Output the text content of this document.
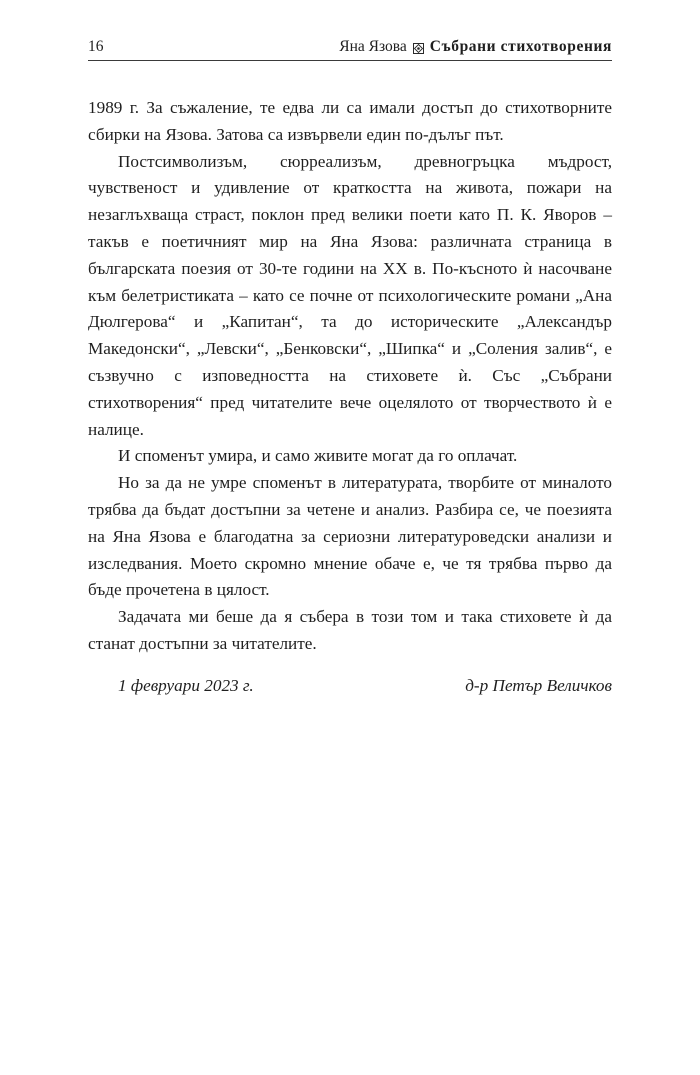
16	Яна Язова Събрани стихотворения

1989 г. За съжаление, те едва ли са имали достъп до стихотворните сбирки на Язова. Затова са извървели един по-дълъг път.

Постсимволизъм, сюрреализъм, древногръцка мъдрост, чувственост и удивление от краткостта на живота, пожари на незаглъхваща страст, поклон пред велики поети като П. К. Яворов – такъв е поетичният мир на Яна Язова: различната страница в българската поезия от 30-те години на XX в. По-късното ѝ насочване към белетристиката – като се почне от психологическите романи „Ана Дюлгерова“ и „Капитан“, та до историческите „Александър Македонски“, „Левски“, „Бенковски“, „Шипка“ и „Соления залив“, е съзвучно с изповедността на стиховете ѝ. Със „Събрани стихотворения“ пред читателите вече оцелялото от творчеството ѝ е налице.

И споменът умира, и само живите могат да го оплачат.

Но за да не умре споменът в литературата, творбите от миналото трябва да бъдат достъпни за четене и анализ. Разбира се, че поезията на Яна Язова е благодатна за сериозни литературоведски анализи и изследвания. Моето скромно мнение обаче е, че тя трябва първо да бъде прочетена в цялост.

Задачата ми беше да я събера в този том и така стиховете ѝ да станат достъпни за читателите.

1 февруари 2023 г.	д-р Петър Величков
